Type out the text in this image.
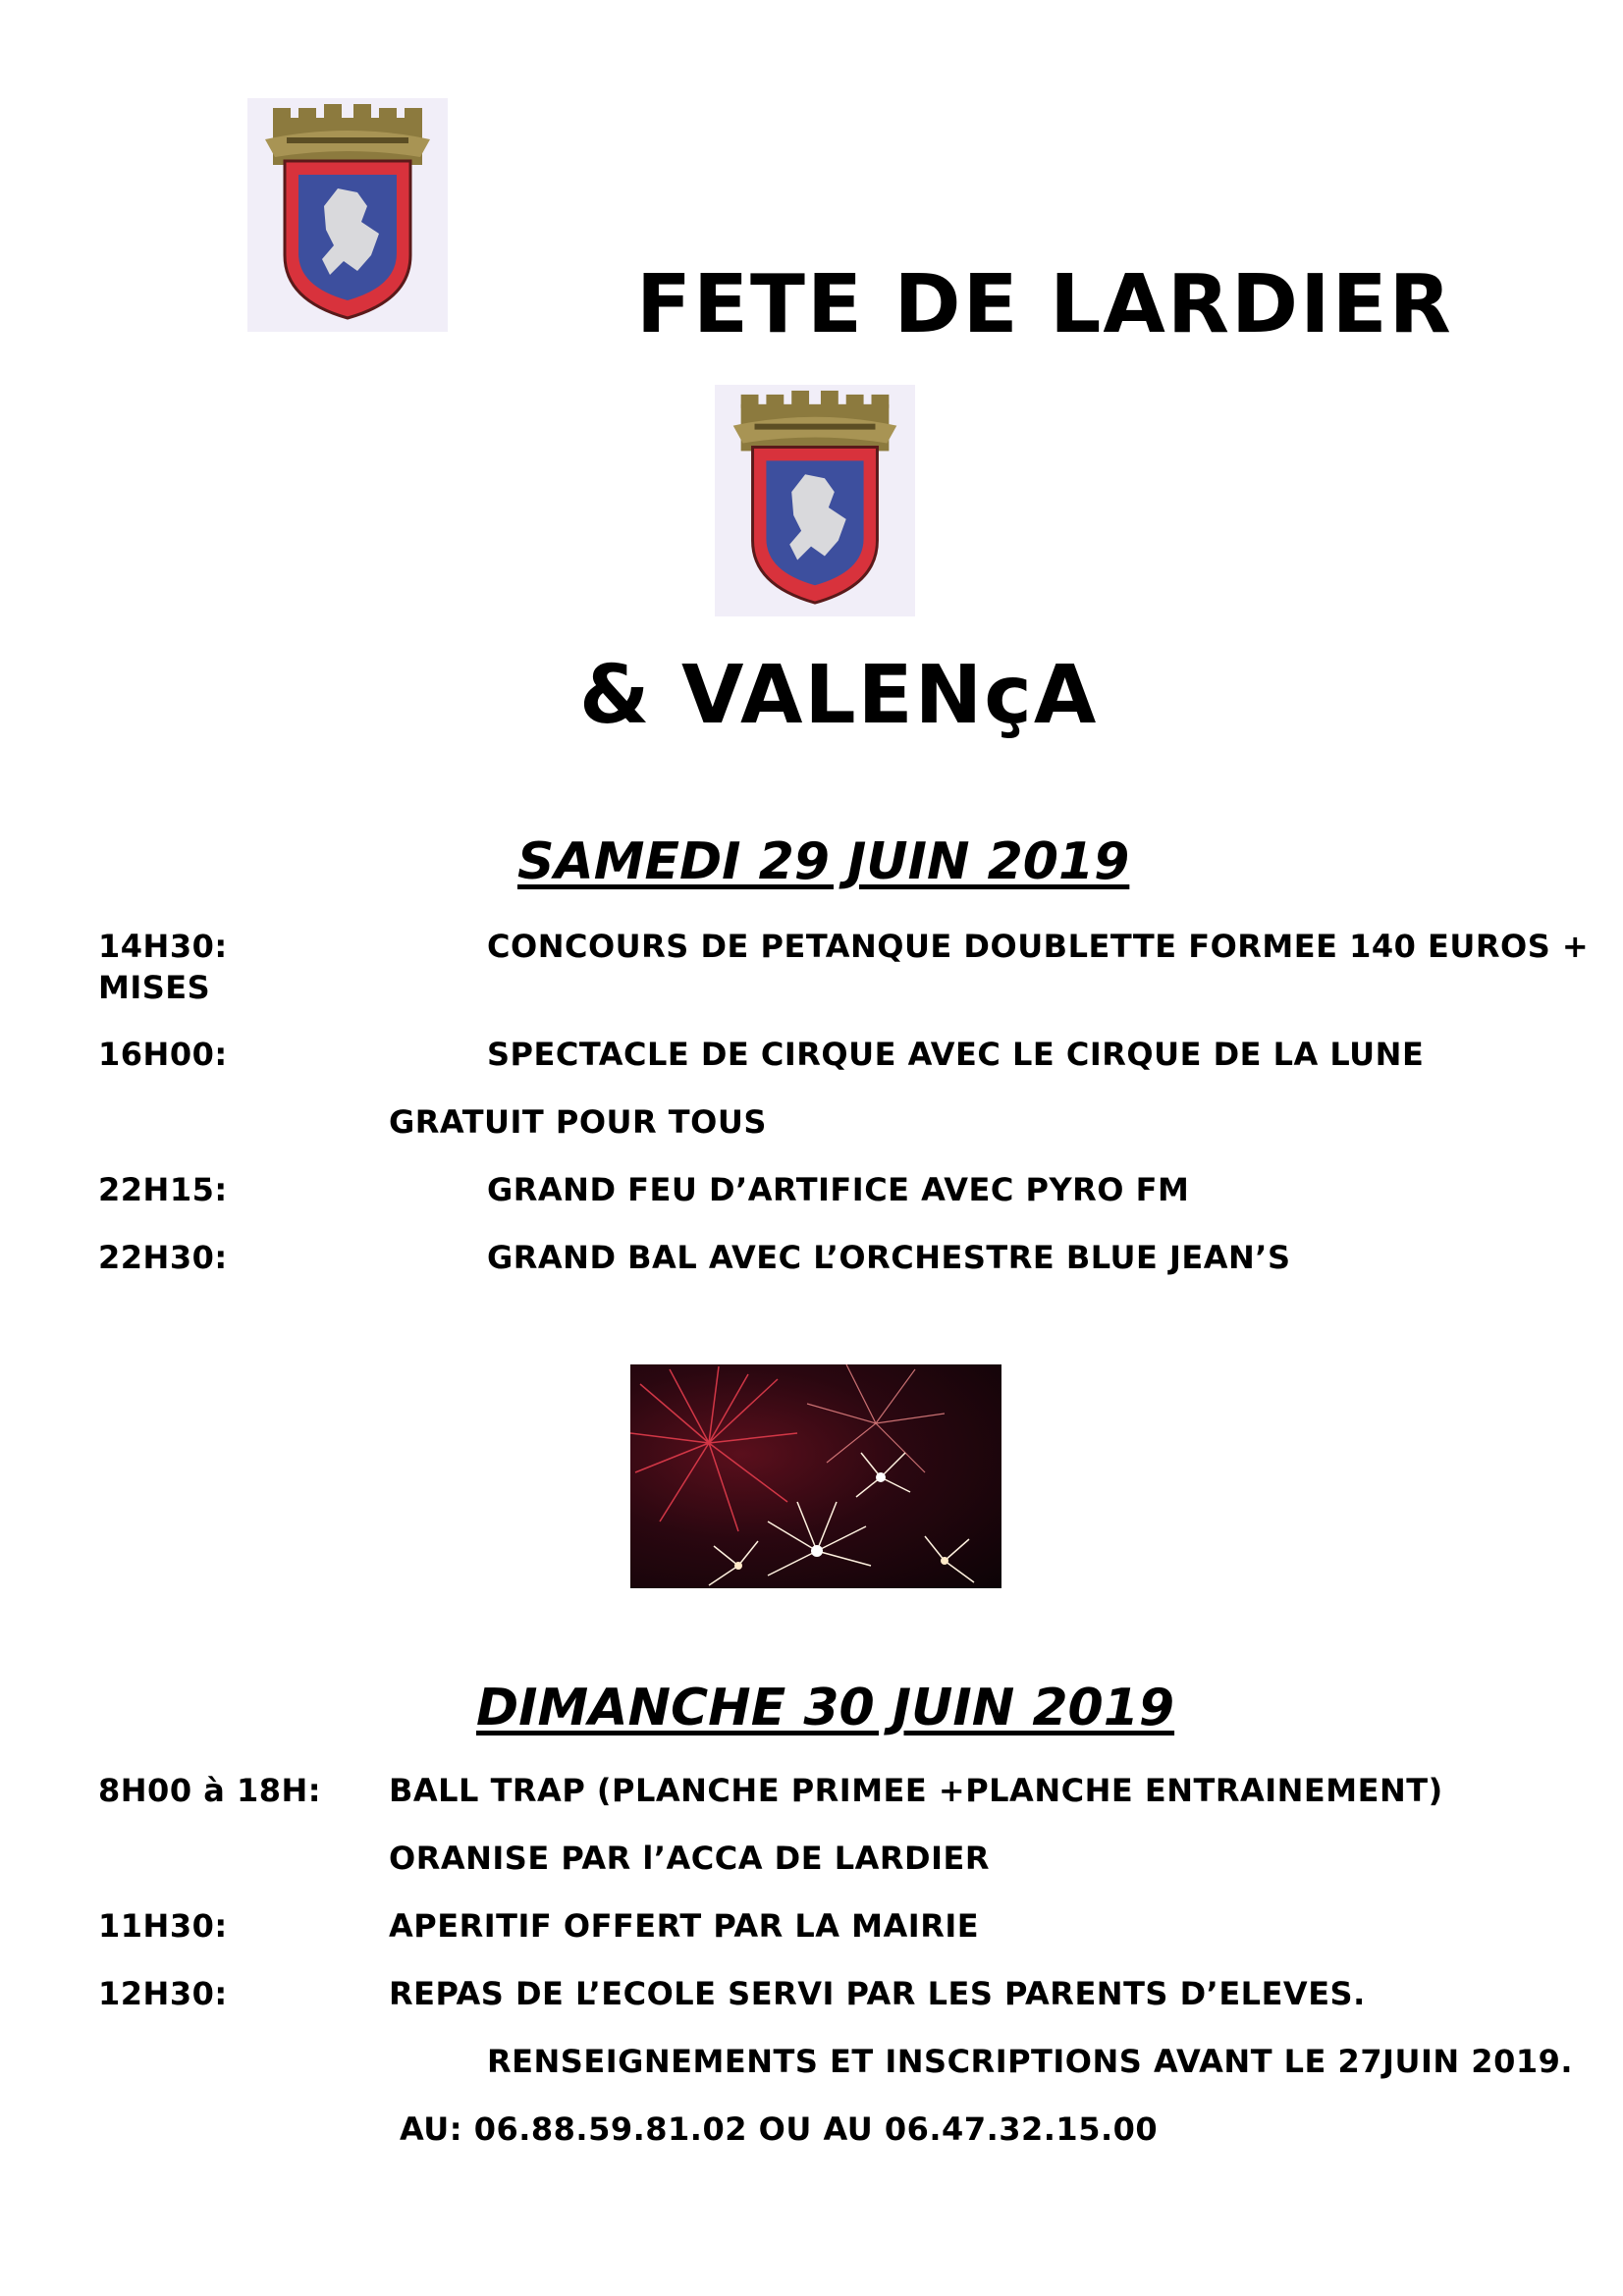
FETE DE LARDIER
& VALENçA
SAMEDI 29 JUIN 2019
14H30:	CONCOURS DE PETANQUE DOUBLETTE FORMEE 140 EUROS +
MISES
16H00:	SPECTACLE DE CIRQUE AVEC LE CIRQUE DE LA LUNE
GRATUIT POUR TOUS
22H15:	GRAND FEU D’ARTIFICE AVEC PYRO FM
22H30:	GRAND BAL AVEC L’ORCHESTRE BLUE JEAN’S
DIMANCHE 30 JUIN 2019
8H00 à 18H: BALL TRAP (PLANCHE PRIMEE +PLANCHE ENTRAINEMENT)
ORANISE PAR l’ACCA DE LARDIER
11H30:	APERITIF OFFERT PAR LA MAIRIE
12H30:	REPAS DE L’ECOLE SERVI PAR LES PARENTS D’ELEVES.
RENSEIGNEMENTS ET INSCRIPTIONS AVANT LE 27JUIN 2019.
AU: 06.88.59.81.02 OU AU 06.47.32.15.00
